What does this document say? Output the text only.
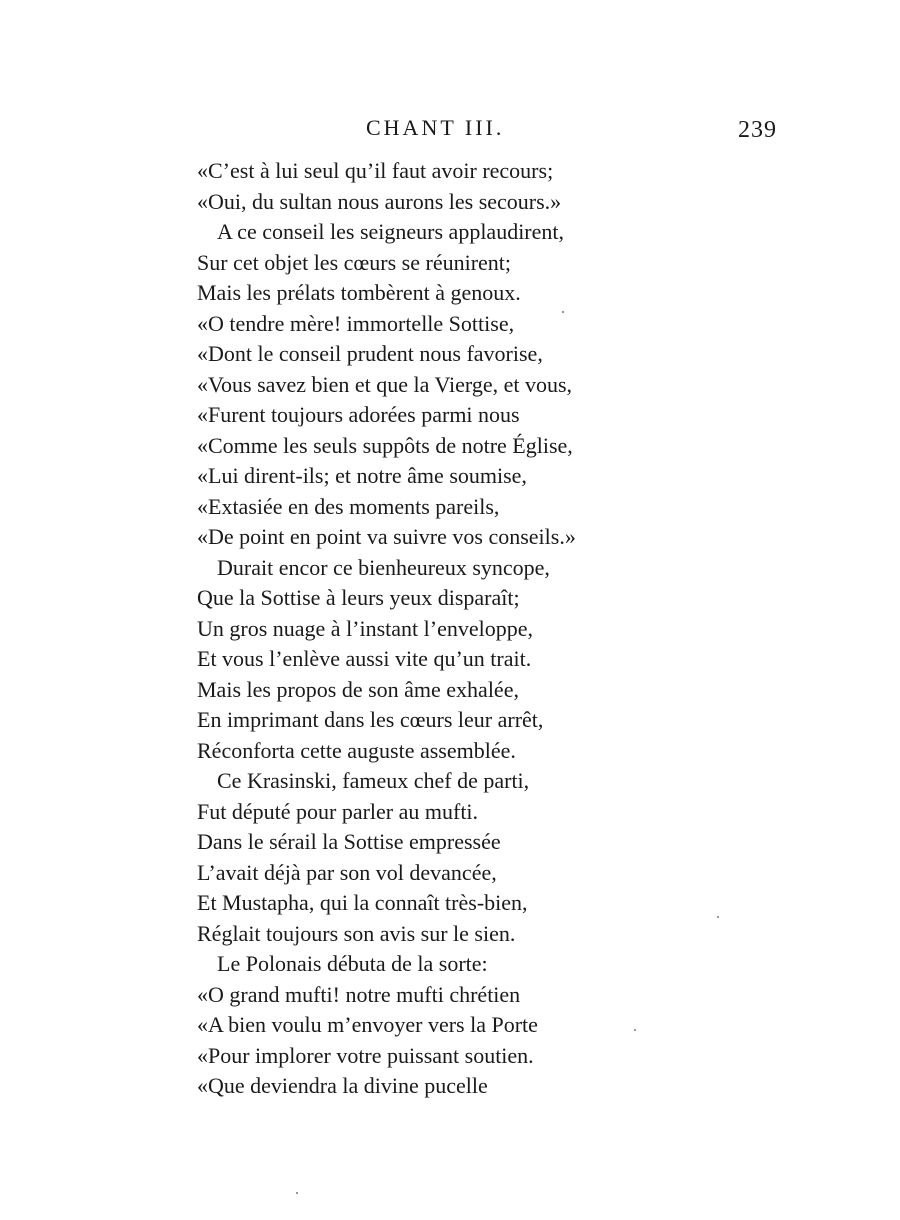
CHANT III.	239
«C’est à lui seul qu’il faut avoir recours;
«Oui, du sultan nous aurons les secours.»
A ce conseil les seigneurs applaudirent,
Sur cet objet les cœurs se réunirent;
Mais les prélats tombèrent à genoux.
«O tendre mère! immortelle Sottise,
«Dont le conseil prudent nous favorise,
«Vous savez bien et que la Vierge, et vous,
«Furent toujours adorées parmi nous
«Comme les seuls suppôts de notre Église,
«Lui dirent-ils; et notre âme soumise,
«Extasiée en des moments pareils,
«De point en point va suivre vos conseils.»
Durait encor ce bienheureux syncope,
Que la Sottise à leurs yeux disparaît;
Un gros nuage à l’instant l’enveloppe,
Et vous l’enlève aussi vite qu’un trait.
Mais les propos de son âme exhalée,
En imprimant dans les cœurs leur arrêt,
Réconforta cette auguste assemblée.
Ce Krasinski, fameux chef de parti,
Fut député pour parler au mufti.
Dans le sérail la Sottise empressée
L’avait déjà par son vol devancée,
Et Mustapha, qui la connaît très-bien,
Réglait toujours son avis sur le sien.
Le Polonais débuta de la sorte:
«O grand mufti! notre mufti chrétien
«A bien voulu m’envoyer vers la Porte
«Pour implorer votre puissant soutien.
«Que deviendra la divine pucelle
